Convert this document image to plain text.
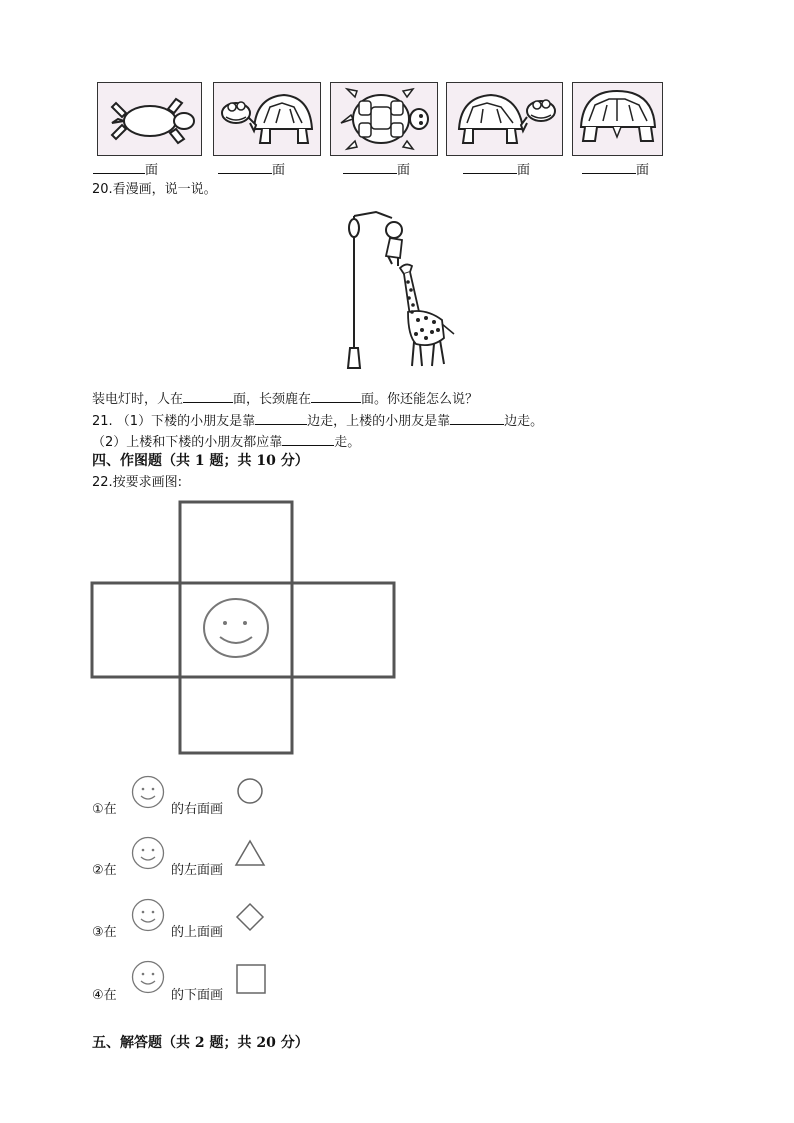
面	面	面	面	面
20.看漫画，说一说。
装电灯时，人在	面，长颈鹿在	面。你还能怎么说？
21. （1）下楼的小朋友是靠	边走，上楼的小朋友是靠	边走。
（2）上楼和下楼的小朋友都应靠	走。
四、作图题（共 1 题；共 10 分）
22.按要求画图:
①在	的右面画
②在	的左面画
③在	的上面画
④在	的下面画
五、解答题（共 2 题；共 20 分）
